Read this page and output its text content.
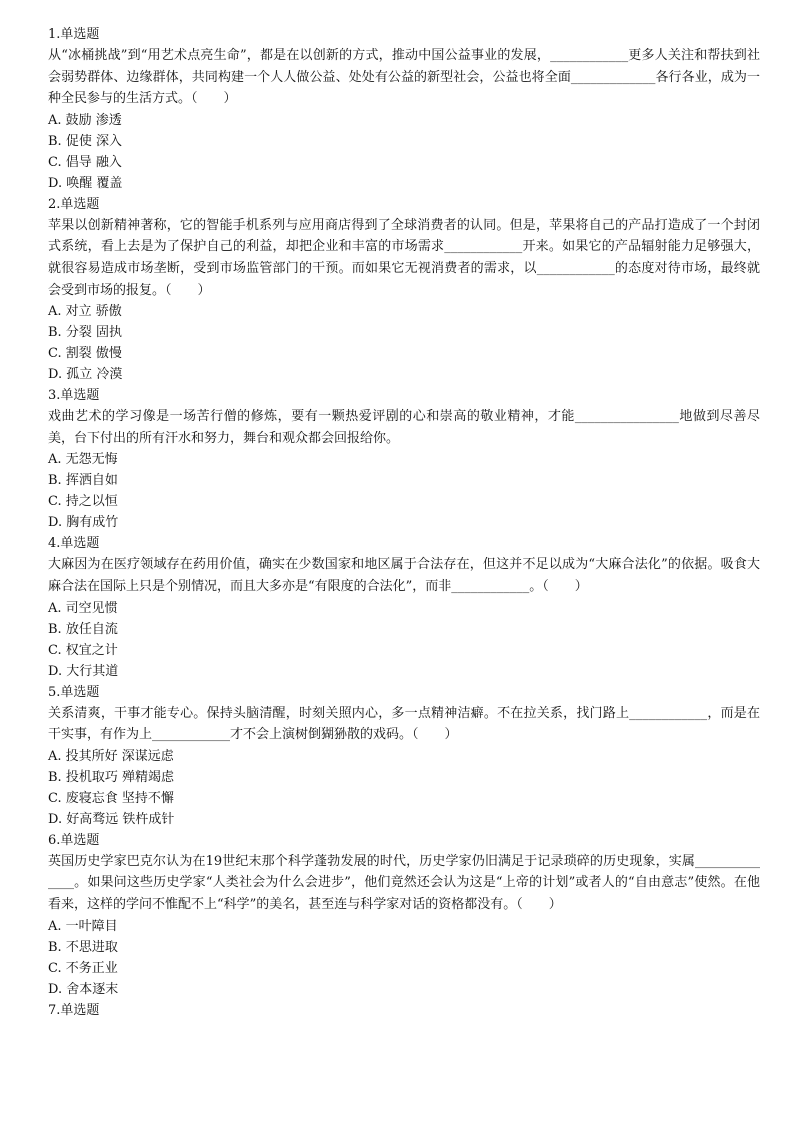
1.单选题
从“冰桶挑战”到“用艺术点亮生命”，都是在以创新的方式，推动中国公益事业的发展，____________更多人关注和帮扶到社会弱势群体、边缘群体，共同构建一个人人做公益、处处有公益的新型社会，公益也将全面_____________各行各业，成为一种全民参与的生活方式。（　　）
A. 鼓励 渗透
B. 促使 深入
C. 倡导 融入
D. 唤醒 覆盖
2.单选题
苹果以创新精神著称，它的智能手机系列与应用商店得到了全球消费者的认同。但是，苹果将自己的产品打造成了一个封闭式系统，看上去是为了保护自己的利益，却把企业和丰富的市场需求____________开来。如果它的产品辐射能力足够强大，就很容易造成市场垄断，受到市场监管部门的干预。而如果它无视消费者的需求，以____________的态度对待市场，最终就会受到市场的报复。（　　）
A. 对立 骄傲
B. 分裂 固执
C. 割裂 傲慢
D. 孤立 冷漠
3.单选题
戏曲艺术的学习像是一场苦行僧的修炼，要有一颗热爱评剧的心和崇高的敬业精神，才能________________地做到尽善尽美，台下付出的所有汗水和努力，舞台和观众都会回报给你。
A. 无怨无悔
B. 挥洒自如
C. 持之以恒
D. 胸有成竹
4.单选题
大麻因为在医疗领域存在药用价值，确实在少数国家和地区属于合法存在，但这并不足以成为“大麻合法化”的依据。吸食大麻合法在国际上只是个别情况，而且大多亦是“有限度的合法化”，而非____________。（　　）
A. 司空见惯
B. 放任自流
C. 权宜之计
D. 大行其道
5.单选题
关系清爽，干事才能专心。保持头脑清醒，时刻关照内心，多一点精神洁癖。不在拉关系，找门路上____________，而是在干实事，有作为上____________才不会上演树倒猢狲散的戏码。（　　）
A. 投其所好 深谋远虑
B. 投机取巧 殚精竭虑
C. 废寝忘食 坚持不懈
D. 好高骛远 铁杵成针
6.单选题
英国历史学家巴克尔认为在19世纪末那个科学蓬勃发展的时代，历史学家仍旧满足于记录琐碎的历史现象，实属______________。如果问这些历史学家“人类社会为什么会进步”，他们竟然还会认为这是“上帝的计划”或者人的“自由意志”使然。在他看来，这样的学问不惟配不上“科学”的美名，甚至连与科学家对话的资格都没有。（　　）
A. 一叶障目
B. 不思进取
C. 不务正业
D. 舍本逐末
7.单选题
